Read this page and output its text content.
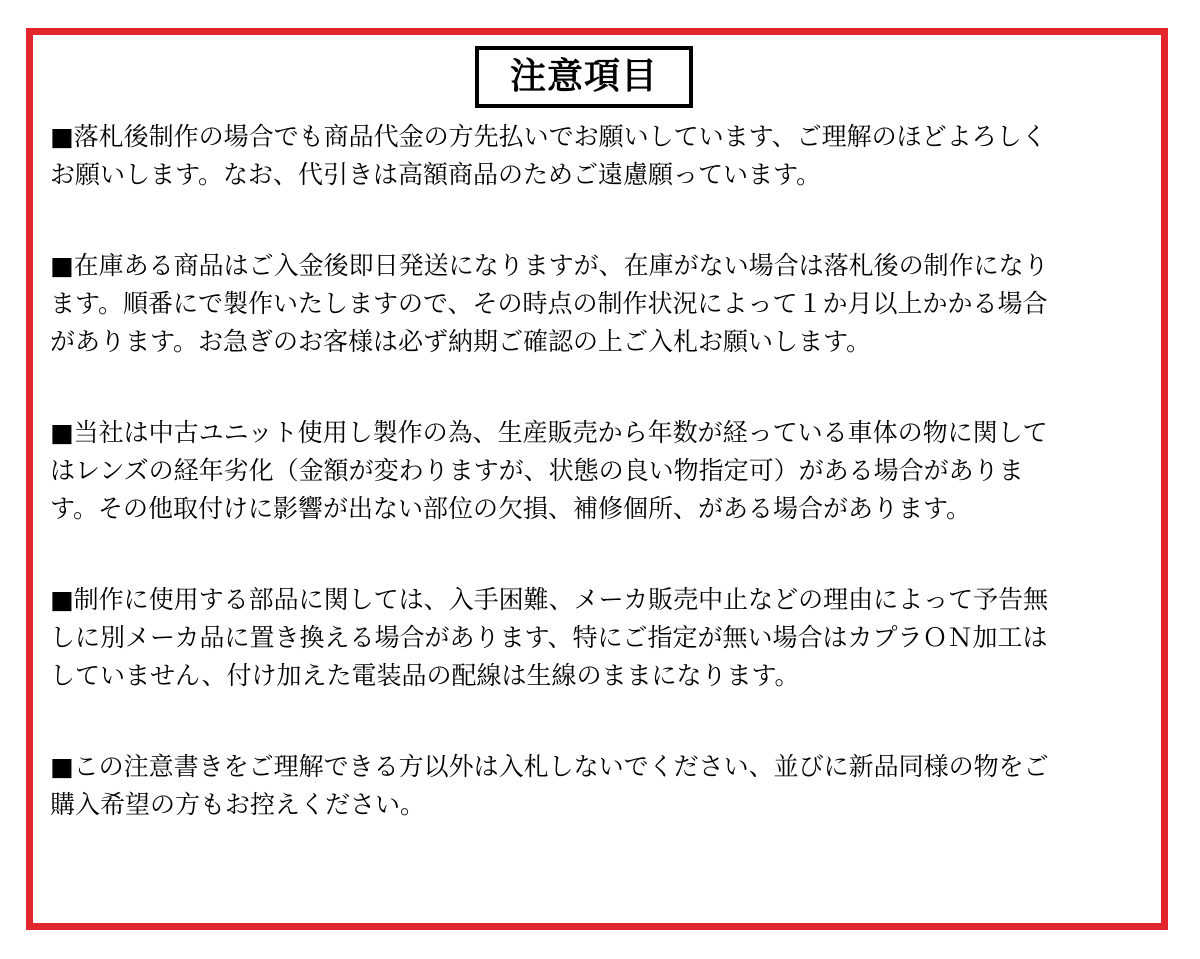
注意項目
■落札後制作の場合でも商品代金の方先払いでお願いしています、ご理解のほどよろしく
お願いします。なお、代引きは高額商品のためご遠慮願っています。
■在庫ある商品はご入金後即日発送になりますが、在庫がない場合は落札後の制作になり
ます。順番にで製作いたしますので、その時点の制作状況によって１か月以上かかる場合
があります。お急ぎのお客様は必ず納期ご確認の上ご入札お願いします。
■当社は中古ユニット使用し製作の為、生産販売から年数が経っている車体の物に関して
はレンズの経年劣化（金額が変わりますが、状態の良い物指定可）がある場合がありま
す。その他取付けに影響が出ない部位の欠損、補修個所、がある場合があります。
■制作に使用する部品に関しては、入手困難、メーカ販売中止などの理由によって予告無
しに別メーカ品に置き換える場合があります、特にご指定が無い場合はカプラＯＮ加工は
していません、付け加えた電装品の配線は生線のままになります。
■この注意書きをご理解できる方以外は入札しないでください、並びに新品同様の物をご
購入希望の方もお控えください。
